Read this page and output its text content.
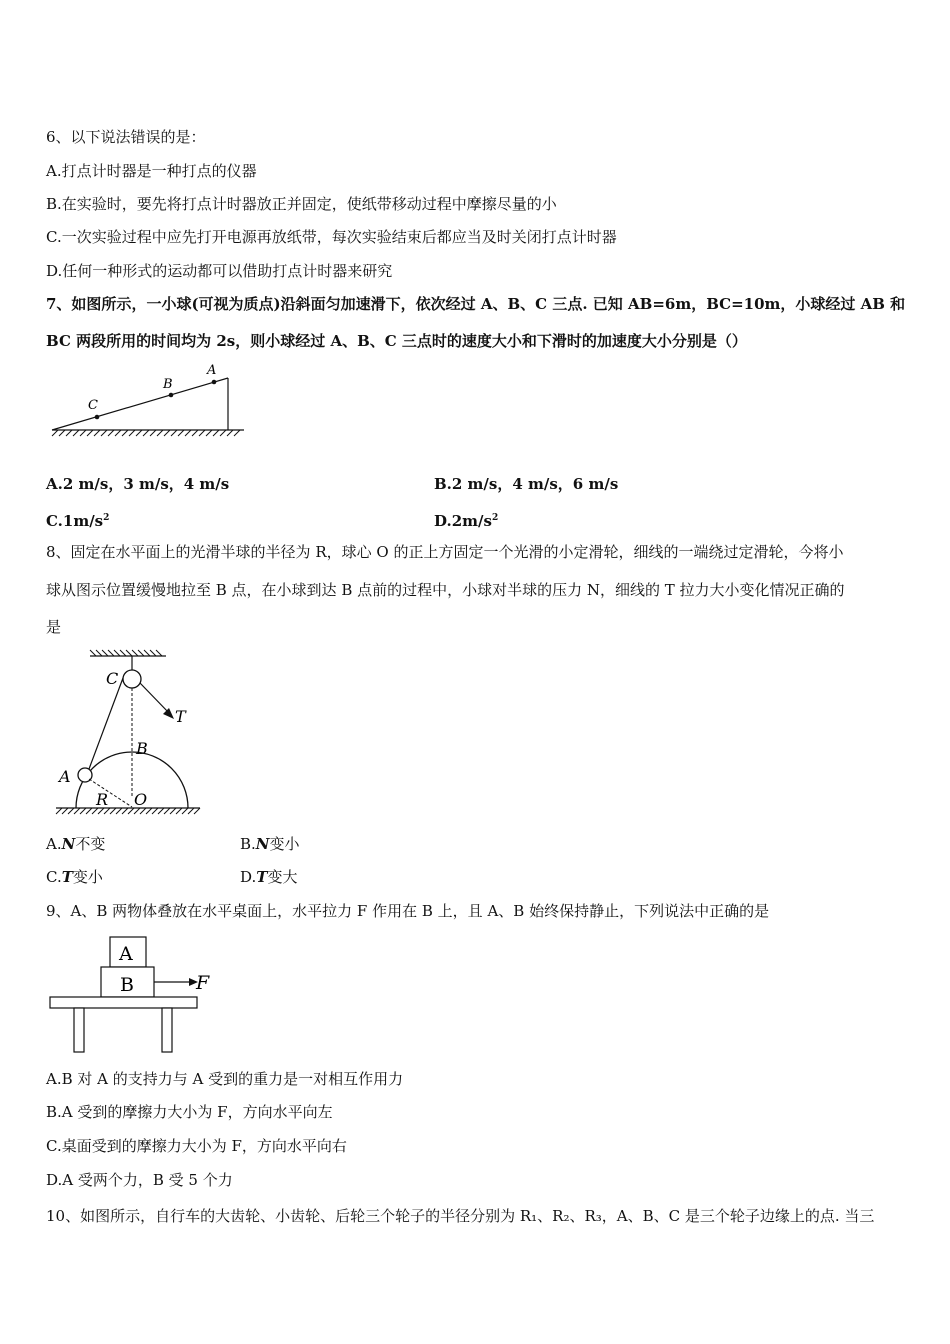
6、以下说法错误的是：
A.打点计时器是一种打点的仪器
B.在实验时，要先将打点计时器放正并固定，使纸带移动过程中摩擦尽量的小
C.一次实验过程中应先打开电源再放纸带，每次实验结束后都应当及时关闭打点计时器
D.任何一种形式的运动都可以借助打点计时器来研究
7、如图所示，一小球(可视为质点)沿斜面匀加速滑下，依次经过 A、B、C 三点. 已知 AB=6m，BC=10m，小球经过 AB 和
BC 两段所用的时间均为 2s，则小球经过 A、B、C 三点时的速度大小和下滑时的加速度大小分别是（）
C
B
A
A.2 m/s，3 m/s，4 m/s	B.2 m/s，4 m/s，6 m/s
$C.1m/s^2$	$D.2m/s^2$
8、固定在水平面上的光滑半球的半径为 R，球心 O 的正上方固定一个光滑的小定滑轮，细线的一端绕过定滑轮，今将小
球从图示位置缓慢地拉至 B 点，在小球到达 B 点前的过程中，小球对半球的压力 N，细线的 T 拉力大小变化情况正确的
是
C
T
B
A
R O
A.N不变	B.N变小
C.T变小	D.T变大
9、A、B 两物体叠放在水平桌面上，水平拉力 F 作用在 B 上，且 A、B 始终保持静止，下列说法中正确的是
A
B	F
A.B 对 A 的支持力与 A 受到的重力是一对相互作用力
B.A 受到的摩擦力大小为 F，方向水平向左
C.桌面受到的摩擦力大小为 F，方向水平向右
D.A 受两个力，B 受 5 个力
10、如图所示，自行车的大齿轮、小齿轮、后轮三个轮子的半径分别为 R₁、R₂、R₃，A、B、C 是三个轮子边缘上的点. 当三
